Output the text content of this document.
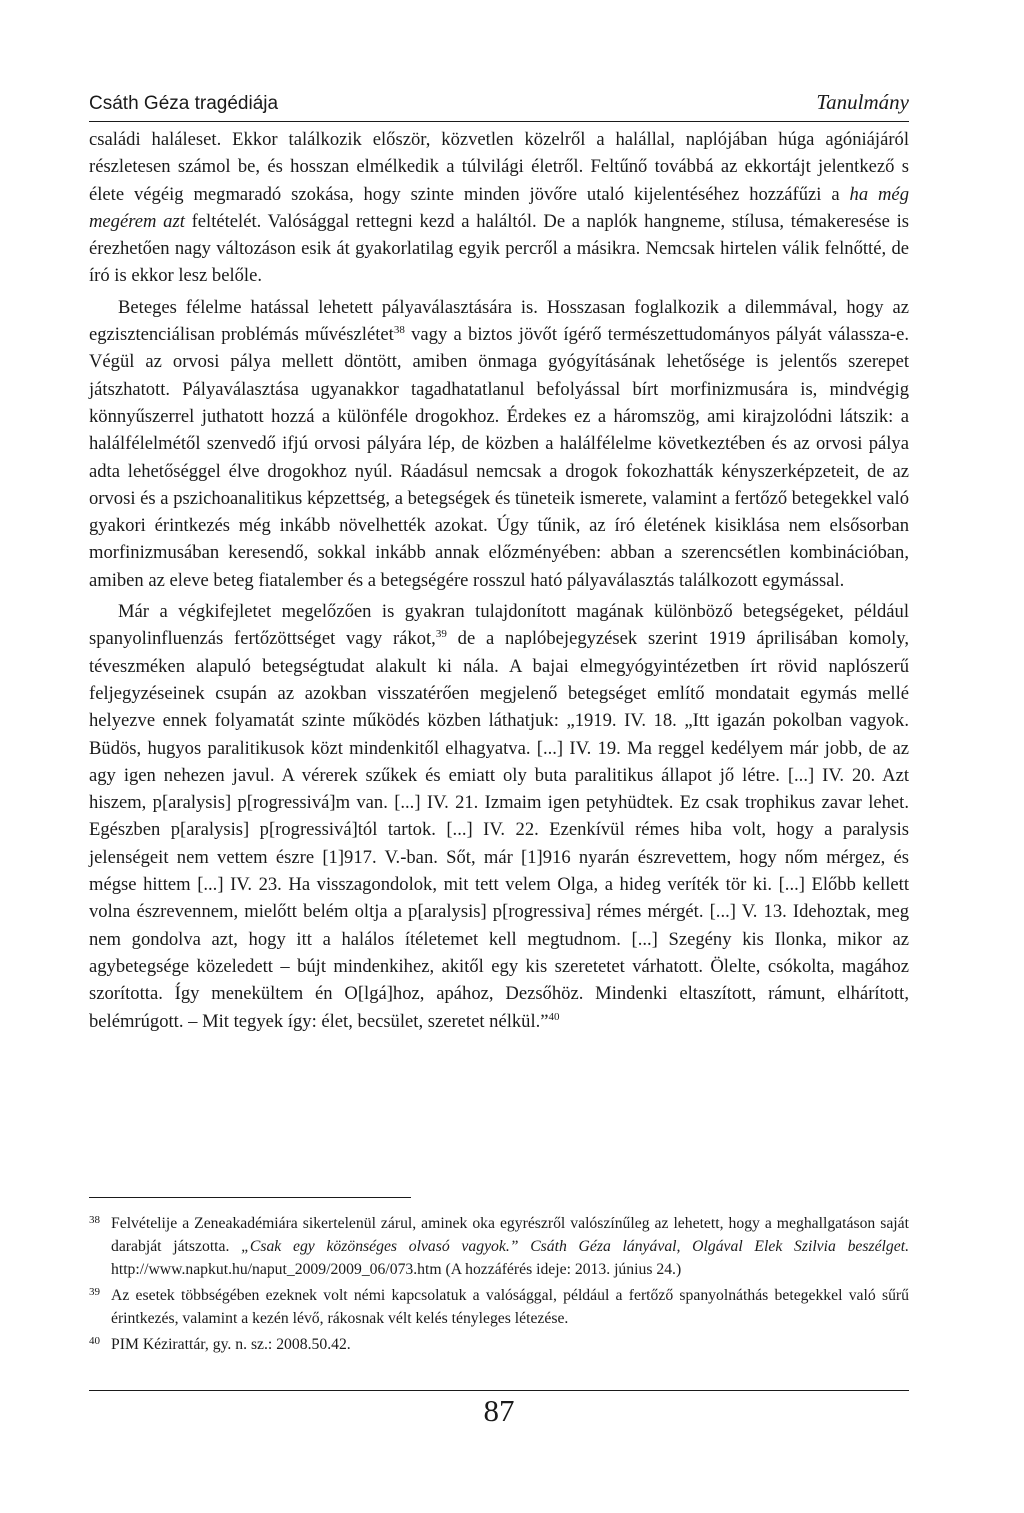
Csáth Géza tragédiája	Tanulmány

családi haláleset. Ekkor találkozik először, közvetlen közelről a halállal, naplójában húga agóniájáról részletesen számol be, és hosszan elmélkedik a túlvilági életről. Feltűnő továbbá az ekkortájt jelentkező s élete végéig megmaradó szokása, hogy szinte minden jövőre utaló kijelentéséhez hozzáfűzi a ha még megérem azt feltételét. Valósággal rettegni kezd a haláltól. De a naplók hangneme, stílusa, témakeresése is érezhetően nagy változáson esik át gyakorlatilag egyik percről a másikra. Nemcsak hirtelen válik felnőtté, de író is ekkor lesz belőle.

Beteges félelme hatással lehetett pályaválasztására is. Hosszasan foglalkozik a dilemmával, hogy az egzisztenciálisan problémás művészlétet$^{38}$ vagy a biztos jövőt ígérő természettudományos pályát válassza-e. Végül az orvosi pálya mellett döntött, amiben önmaga gyógyításának lehetősége is jelentős szerepet játszhatott. Pályaválasztása ugyanakkor tagadhatatlanul befolyással bírt morfinizmusára is, mindvégig könnyűszerrel juthatott hozzá a különféle drogokhoz. Érdekes ez a háromszög, ami kirajzolódni látszik: a halálfélelmétől szenvedő ifjú orvosi pályára lép, de közben a halálfélelme következtében és az orvosi pálya adta lehetőséggel élve drogokhoz nyúl. Ráadásul nemcsak a drogok fokozhatták kényszerképzeteit, de az orvosi és a pszichoanalitikus képzettség, a betegségek és tüneteik ismerete, valamint a fertőző betegekkel való gyakori érintkezés még inkább növelhették azokat. Úgy tűnik, az író életének kisiklása nem elsősorban morfinizmusában keresendő, sokkal inkább annak előzményében: abban a szerencsétlen kombinációban, amiben az eleve beteg fiatalember és a betegségére rosszul ható pályaválasztás találkozott egymással.

Már a végkifejletet megelőzően is gyakran tulajdonított magának különböző betegségeket, például spanyolinfluenzás fertőzöttséget vagy rákot,$^{39}$ de a naplóbejegyzések szerint 1919 áprilisában komoly, téveszméken alapuló betegségtudat alakult ki nála. A bajai elmegyógyintézetben írt rövid naplószerű feljegyzéseinek csupán az azokban visszatérően megjelenő betegséget említő mondatait egymás mellé helyezve ennek folyamatát szinte működés közben láthatjuk: „1919. IV. 18. „Itt igazán pokolban vagyok. Büdös, hugyos paralitikusok közt mindenkitől elhagyatva. [...] IV. 19. Ma reggel kedélyem már jobb, de az agy igen nehezen javul. A vérerek szűkek és emiatt oly buta paralitikus állapot jő létre. [...] IV. 20. Azt hiszem, p[aralysis] p[rogressivá]m van. [...] IV. 21. Izmaim igen petyhüdtek. Ez csak trophikus zavar lehet. Egészben p[aralysis] p[rogressivá]tól tartok. [...] IV. 22. Ezenkívül rémes hiba volt, hogy a paralysis jelenségeit nem vettem észre [1]917. V.-ban. Sőt, már [1]916 nyarán észrevettem, hogy nőm mérgez, és mégse hittem [...] IV. 23. Ha visszagondolok, mit tett velem Olga, a hideg veríték tör ki. [...] Előbb kellett volna észrevennem, mielőtt belém oltja a p[aralysis] p[rogressiva] rémes mérgét. [...] V. 13. Idehoztak, meg nem gondolva azt, hogy itt a halálos ítéletemet kell megtudnom. [...] Szegény kis Ilonka, mikor az agybetegsége közeledett – bújt mindenkihez, akitől egy kis szeretetet várhatott. Ölelte, csókolta, magához szorította. Így menekültem én O[lgá]hoz, apához, Dezsőhöz. Mindenki eltaszított, rámunt, elhárított, belémrúgott. – Mit tegyek így: élet, becsület, szeretet nélkül.”$^{40}$

38 Felvételije a Zeneakadémiára sikertelenül zárul, aminek oka egyrészről valószínűleg az lehetett, hogy a meghallgatáson saját darabját játszotta. „Csak egy közönséges olvasó vagyok.” Csáth Géza lányával, Olgával Elek Szilvia beszélget. http://www.napkut.hu/naput_2009/2009_06/073.htm (A hozzáférés ideje: 2013. június 24.)
39 Az esetek többségében ezeknek volt némi kapcsolatuk a valósággal, például a fertőző spanyolnáthás betegekkel való sűrű érintkezés, valamint a kezén lévő, rákosnak vélt kelés tényleges létezése.
40 PIM Kézirattár, gy. n. sz.: 2008.50.42.
87
